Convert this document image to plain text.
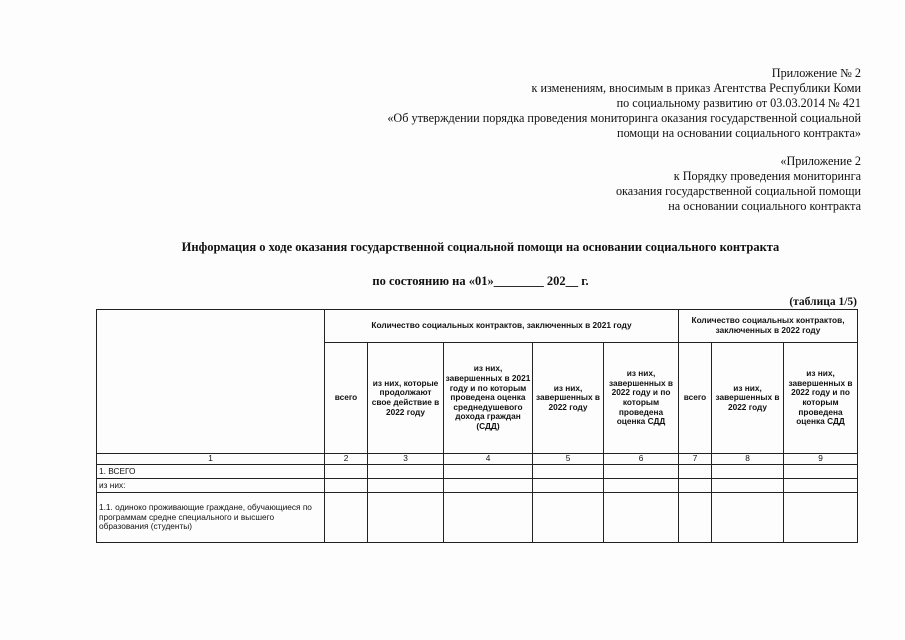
Приложение № 2
к изменениям, вносимым в приказ Агентства Республики Коми
по социальному развитию от 03.03.2014 № 421
«Об утверждении порядка проведения мониторинга оказания государственной социальной
помощи на основании социального контракта»
«Приложение 2
к Порядку проведения мониторинга
оказания государственной социальной помощи
на основании социального контракта
Информация о ходе оказания государственной социальной помощи на основании социального контракта
по состоянию на «01»________ 202__ г.
(таблица 1/5)
	Количество социальных контрактов, заключенных в 2021 году					Количество социальных контрактов, заключенных в 2022 году		
	всего	из них, которые продолжают свое действие в 2022 году	из них, завершенных в 2021 году и по которым проведена оценка среднедушевого дохода граждан (СДД)	из них, завершенных в 2022 году	из них, завершенных в 2022 году и по которым проведена оценка СДД	всего	из них, завершенных в 2022 году	из них, завершенных в 2022 году и по которым проведена оценка СДД
1	2	3	4	5	6	7	8	9
1. ВСЕГО								
из них:								
1.1. одиноко проживающие граждане, обучающиеся по программам средне специального и высшего образования (студенты)								
